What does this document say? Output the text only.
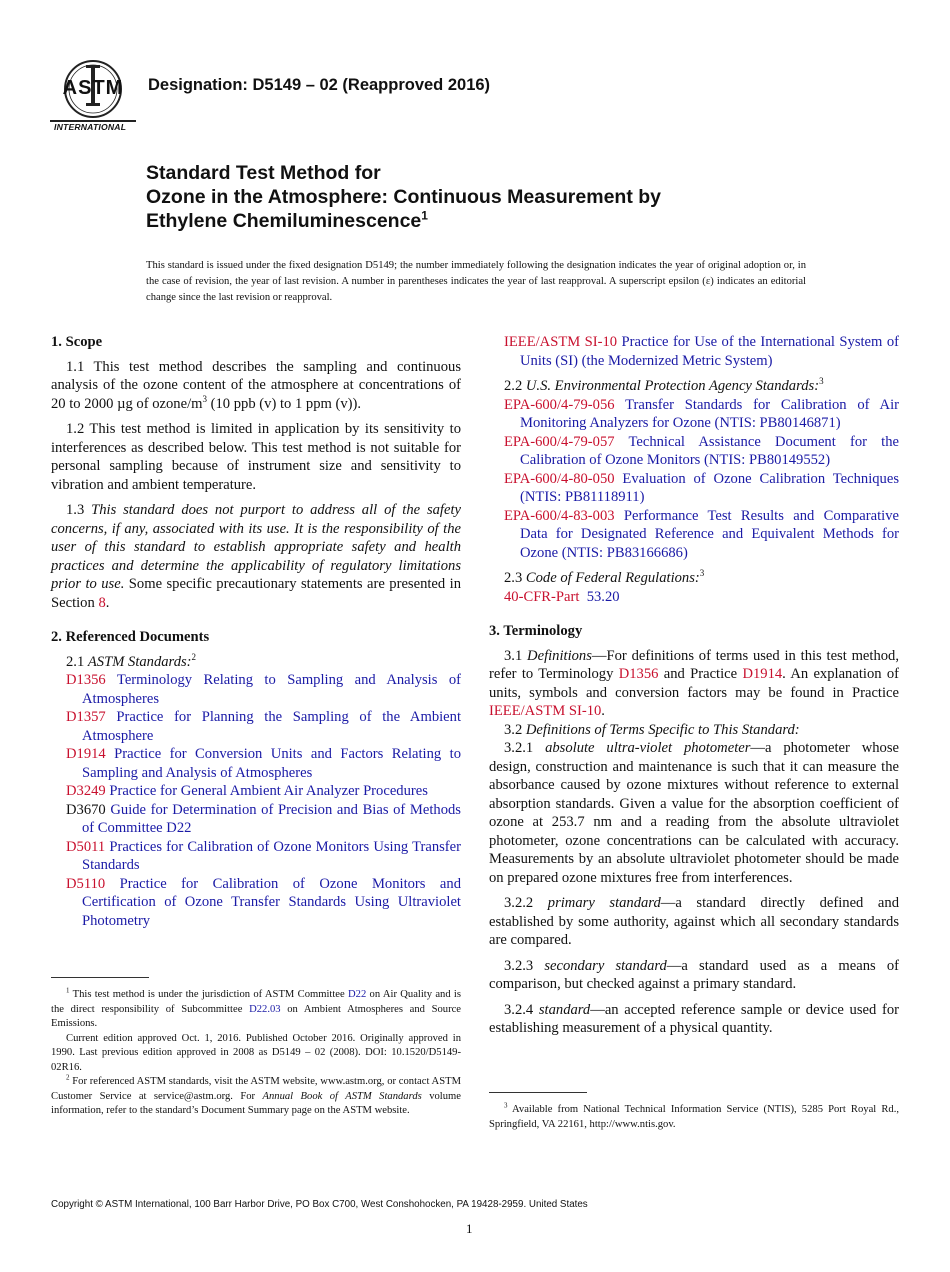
ASTM
INTERNATIONAL
Designation: D5149 – 02 (Reapproved 2016)
Standard Test Method for
Ozone in the Atmosphere: Continuous Measurement by
Ethylene Chemiluminescence$^1$
This standard is issued under the fixed designation D5149; the number immediately following the designation indicates the year of original adoption or, in the case of revision, the year of last revision. A number in parentheses indicates the year of last reapproval. A superscript epsilon (ε) indicates an editorial change since the last revision or reapproval.

1. Scope

1.1 This test method describes the sampling and continuous analysis of the ozone content of the atmosphere at concentrations of 20 to 2000 µg of ozone/$m^3$ (10 ppb (v) to 1 ppm (v)).

1.2 This test method is limited in application by its sensitivity to interferences as described below. This test method is not suitable for personal sampling because of instrument size and sensitivity to vibration and ambient temperature.

1.3 This standard does not purport to address all of the safety concerns, if any, associated with its use. It is the responsibility of the user of this standard to establish appropriate safety and health practices and determine the applicability of regulatory limitations prior to use. Some specific precautionary statements are presented in Section 8.

2. Referenced Documents

2.1 ASTM Standards:$^2$

D1356 Terminology Relating to Sampling and Analysis of Atmospheres

D1357 Practice for Planning the Sampling of the Ambient Atmosphere

D1914 Practice for Conversion Units and Factors Relating to Sampling and Analysis of Atmospheres

D3249 Practice for General Ambient Air Analyzer Procedures

D3670 Guide for Determination of Precision and Bias of Methods of Committee D22

D5011 Practices for Calibration of Ozone Monitors Using Transfer Standards

D5110 Practice for Calibration of Ozone Monitors and Certification of Ozone Transfer Standards Using Ultraviolet Photometry

$^1$ This test method is under the jurisdiction of ASTM Committee D22 on Air Quality and is the direct responsibility of Subcommittee D22.03 on Ambient Atmospheres and Source Emissions.

Current edition approved Oct. 1, 2016. Published October 2016. Originally approved in 1990. Last previous edition approved in 2008 as D5149 – 02 (2008). DOI: 10.1520/D5149-02R16.

$^2$ For referenced ASTM standards, visit the ASTM website, www.astm.org, or contact ASTM Customer Service at service@astm.org. For Annual Book of ASTM Standards volume information, refer to the standard’s Document Summary page on the ASTM website.

IEEE/ASTM SI-10 Practice for Use of the International System of Units (SI) (the Modernized Metric System)

2.2 U.S. Environmental Protection Agency Standards:$^3$

EPA-600/4-79-056 Transfer Standards for Calibration of Air Monitoring Analyzers for Ozone (NTIS: PB80146871)

EPA-600/4-79-057 Technical Assistance Document for the Calibration of Ozone Monitors (NTIS: PB80149552)

EPA-600/4-80-050 Evaluation of Ozone Calibration Techniques (NTIS: PB81118911)

EPA-600/4-83-003 Performance Test Results and Comparative Data for Designated Reference and Equivalent Methods for Ozone (NTIS: PB83166686)

2.3 Code of Federal Regulations:$^3$

40-CFR-Part 53.20

3. Terminology

3.1 Definitions—For definitions of terms used in this test method, refer to Terminology D1356 and Practice D1914. An explanation of units, symbols and conversion factors may be found in Practice IEEE/ASTM SI-10.

3.2 Definitions of Terms Specific to This Standard:

3.2.1 absolute ultra-violet photometer—a photometer whose design, construction and maintenance is such that it can measure the absorbance caused by ozone mixtures without reference to external absorption standards. Given a value for the absorption coefficient of ozone at 253.7 nm and a reading from the absolute ultraviolet photometer, ozone concentrations can be calculated with accuracy. Measurements by an absolute ultraviolet photometer should be made on prepared ozone mixtures free from interferences.

3.2.2 primary standard—a standard directly defined and established by some authority, against which all secondary standards are compared.

3.2.3 secondary standard—a standard used as a means of comparison, but checked against a primary standard.

3.2.4 standard—an accepted reference sample or device used for establishing measurement of a physical quantity.

$^3$ Available from National Technical Information Service (NTIS), 5285 Port Royal Rd., Springfield, VA 22161, http://www.ntis.gov.

Copyright © ASTM International, 100 Barr Harbor Drive, PO Box C700, West Conshohocken, PA 19428-2959. United States
1
